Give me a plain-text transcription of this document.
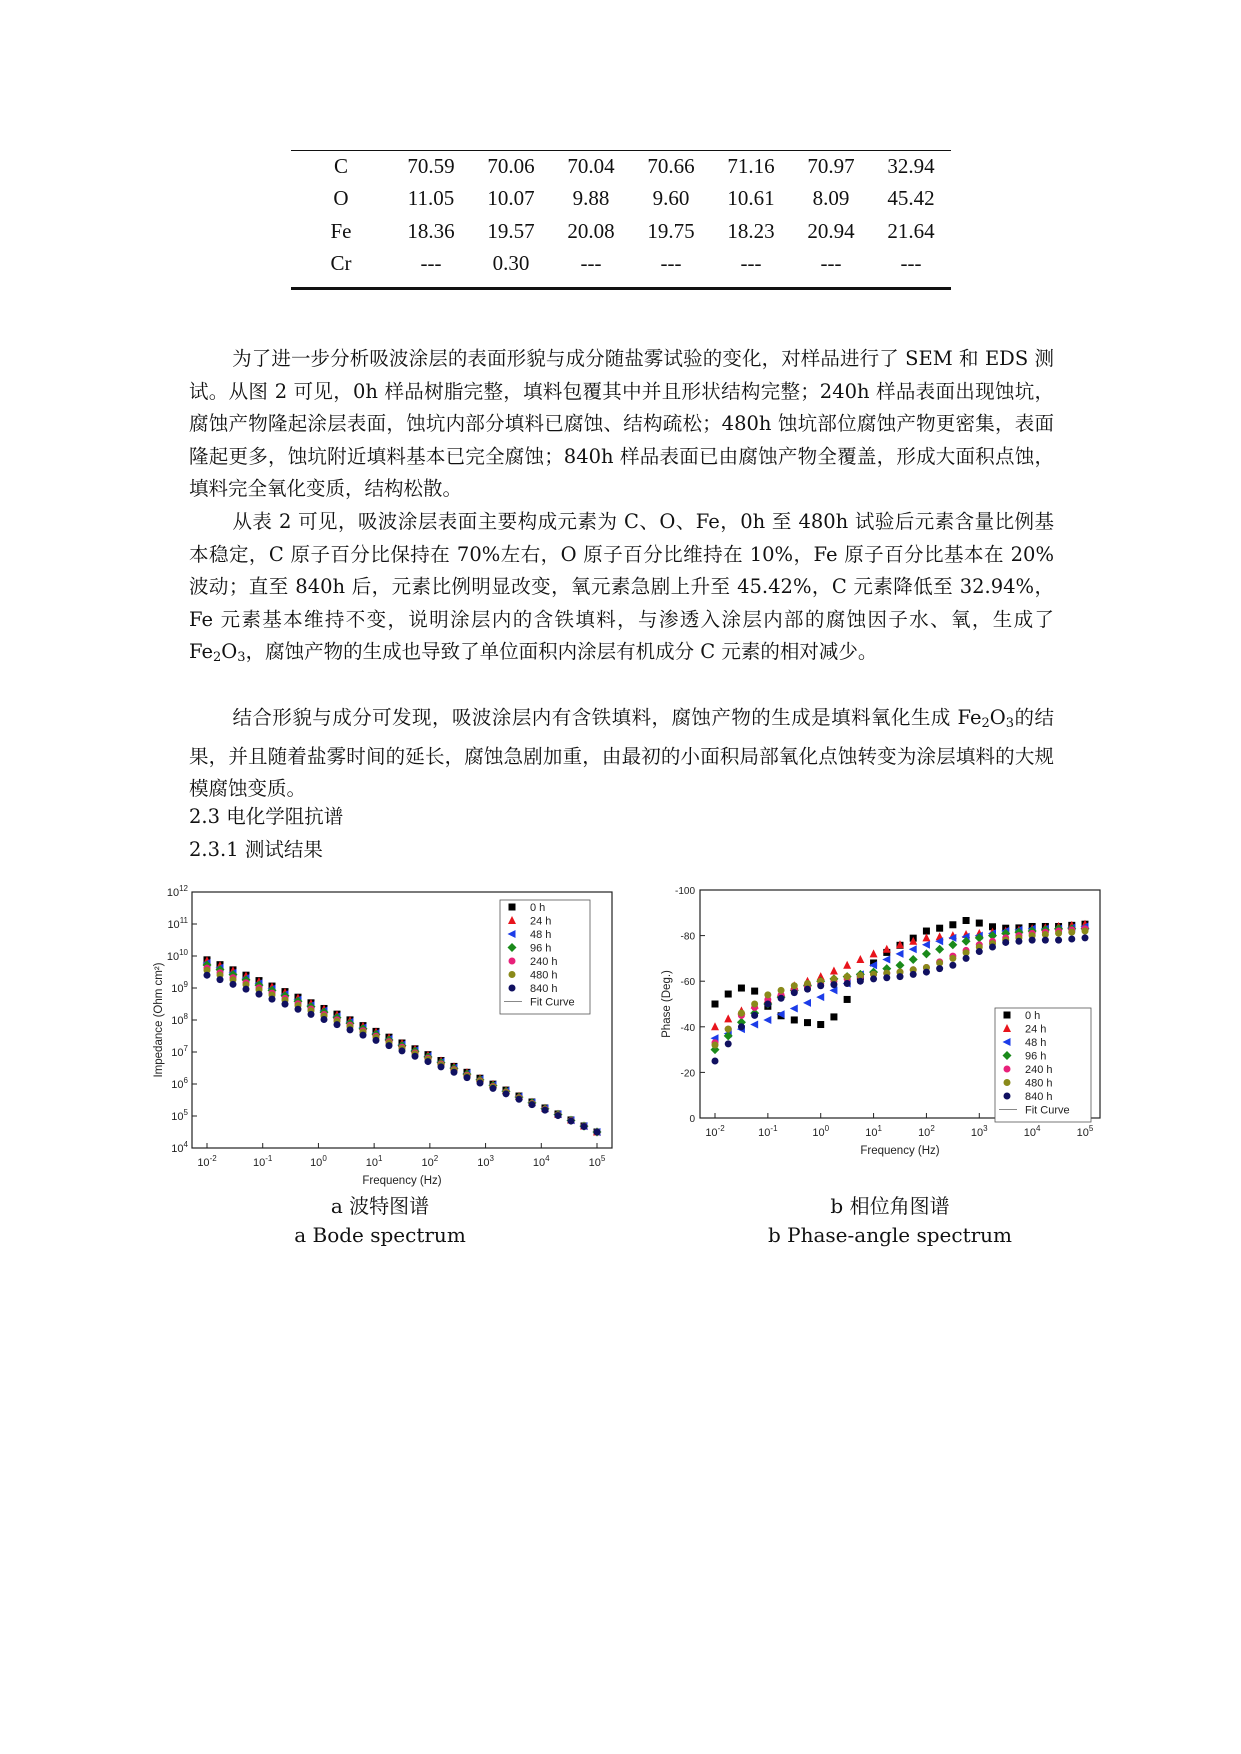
C	70.59	70.06	70.04	70.66	71.16	70.97	32.94
O	11.05	10.07	9.88	9.60	10.61	8.09	45.42
Fe	18.36	19.57	20.08	19.75	18.23	20.94	21.64
Cr	---	0.30	---	---	---	---	---

为了进一步分析吸波涂层的表面形貌与成分随盐雾试验的变化，对样品进行了 SEM 和 EDS 测试。从图 2 可见，0h 样品树脂完整，填料包覆其中并且形状结构完整；240h 样品表面出现蚀坑，腐蚀产物隆起涂层表面，蚀坑内部分填料已腐蚀、结构疏松；480h 蚀坑部位腐蚀产物更密集，表面隆起更多，蚀坑附近填料基本已完全腐蚀；840h 样品表面已由腐蚀产物全覆盖，形成大面积点蚀，填料完全氧化变质，结构松散。

从表 2 可见，吸波涂层表面主要构成元素为 C、O、Fe，0h 至 480h 试验后元素含量比例基本稳定，C 原子百分比保持在 70%左右，O 原子百分比维持在 10%，Fe 原子百分比基本在 20%波动；直至 840h 后，元素比例明显改变，氧元素急剧上升至 45.42%，C 元素降低至 32.94%，Fe 元素基本维持不变，说明涂层内的含铁填料，与渗透入涂层内部的腐蚀因子水、氧，生成了 $Fe_2O_3$，腐蚀产物的生成也导致了单位面积内涂层有机成分 C 元素的相对减少。

结合形貌与成分可发现，吸波涂层内有含铁填料，腐蚀产物的生成是填料氧化生成 $Fe_2O_3$的结果，并且随着盐雾时间的延长，腐蚀急剧加重，由最初的小面积局部氧化点蚀转变为涂层填料的大规模腐蚀变质。

2.3 电化学阻抗谱

2.3.1 测试结果

$10^{-2}$	$10^{-1}$	$10^0$	$10^1$	$10^2$	$10^3$	$10^4$	$10^5$
$10^4$
$10^5$
$10^6$
$10^7$
$10^8$
$10^9$
$10^{10}$
$10^{11}$
$10^{12}$
Frequency (Hz)
Impedance (Ohm cm²)
0 h
24 h
48 h
96 h
240 h
480 h
840 h
Fit Curve
$10^{-2}$	$10^{-1}$	$10^0$	$10^1$	$10^2$	$10^3$	$10^4$	$10^5$
0
-20
-40
-60
-80
-100
Frequency (Hz)
Phase (Deg.)	0 h
24 h
48 h
96 h
240 h
480 h
840 h
Fit Curve

a 波特图谱

a Bode spectrum

b 相位角图谱

b Phase-angle spectrum
